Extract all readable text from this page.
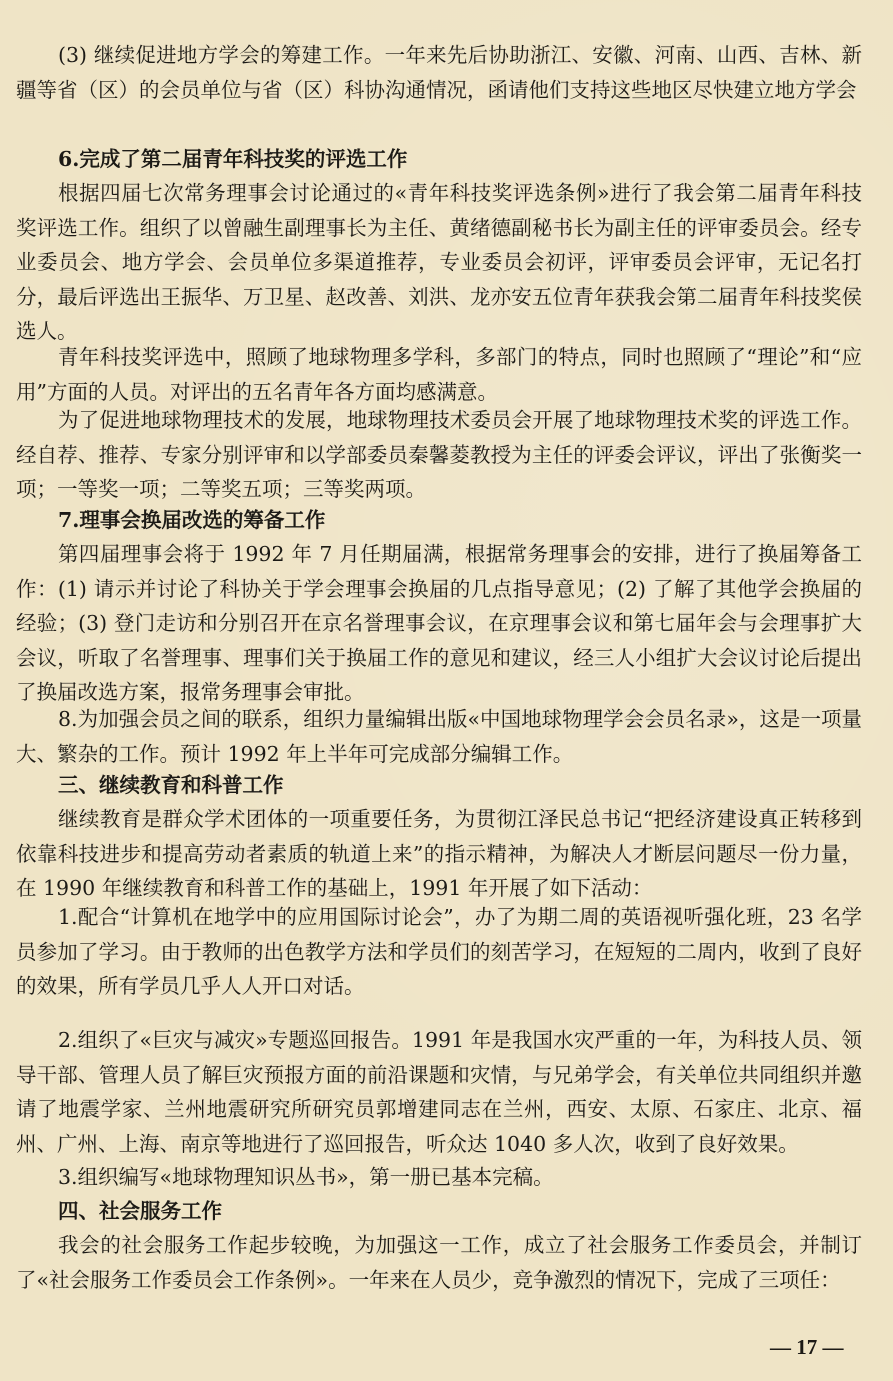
(3) 继续促进地方学会的筹建工作。一年来先后协助浙江、安徽、河南、山西、吉林、新疆等省（区）的会员单位与省（区）科协沟通情况，函请他们支持这些地区尽快建立地方学会

6.完成了第二届青年科技奖的评选工作

根据四届七次常务理事会讨论通过的«青年科技奖评选条例»进行了我会第二届青年科技奖评选工作。组织了以曾融生副理事长为主任、黄绪德副秘书长为副主任的评审委员会。经专业委员会、地方学会、会员单位多渠道推荐，专业委员会初评，评审委员会评审，无记名打分，最后评选出王振华、万卫星、赵改善、刘洪、龙亦安五位青年获我会第二届青年科技奖侯选人。

青年科技奖评选中，照顾了地球物理多学科，多部门的特点，同时也照顾了“理论”和“应用”方面的人员。对评出的五名青年各方面均感满意。

为了促进地球物理技术的发展，地球物理技术委员会开展了地球物理技术奖的评选工作。经自荐、推荐、专家分别评审和以学部委员秦馨菱教授为主任的评委会评议，评出了张衡奖一项；一等奖一项；二等奖五项；三等奖两项。

7.理事会换届改选的筹备工作

第四届理事会将于 1992 年 7 月任期届满，根据常务理事会的安排，进行了换届筹备工作：(1) 请示并讨论了科协关于学会理事会换届的几点指导意见；(2) 了解了其他学会换届的经验；(3) 登门走访和分别召开在京名誉理事会议，在京理事会议和第七届年会与会理事扩大会议，听取了名誉理事、理事们关于换届工作的意见和建议，经三人小组扩大会议讨论后提出了换届改选方案，报常务理事会审批。

8.为加强会员之间的联系，组织力量编辑出版«中国地球物理学会会员名录»，这是一项量大、繁杂的工作。预计 1992 年上半年可完成部分编辑工作。

三、继续教育和科普工作

继续教育是群众学术团体的一项重要任务，为贯彻江泽民总书记“把经济建设真正转移到依靠科技进步和提高劳动者素质的轨道上来”的指示精神，为解决人才断层问题尽一份力量，在 1990 年继续教育和科普工作的基础上，1991 年开展了如下活动：

1.配合“计算机在地学中的应用国际讨论会”，办了为期二周的英语视听强化班，23 名学员参加了学习。由于教师的出色教学方法和学员们的刻苦学习，在短短的二周内，收到了良好的效果，所有学员几乎人人开口对话。

2.组织了«巨灾与减灾»专题巡回报告。1991 年是我国水灾严重的一年，为科技人员、领导干部、管理人员了解巨灾预报方面的前沿课题和灾情，与兄弟学会，有关单位共同组织并邀请了地震学家、兰州地震研究所研究员郭增建同志在兰州，西安、太原、石家庄、北京、福州、广州、上海、南京等地进行了巡回报告，听众达 1040 多人次，收到了良好效果。

3.组织编写«地球物理知识丛书»，第一册已基本完稿。

四、社会服务工作

我会的社会服务工作起步较晚，为加强这一工作，成立了社会服务工作委员会，并制订了«社会服务工作委员会工作条例»。一年来在人员少，竞争激烈的情况下，完成了三项任：

— 17 —
